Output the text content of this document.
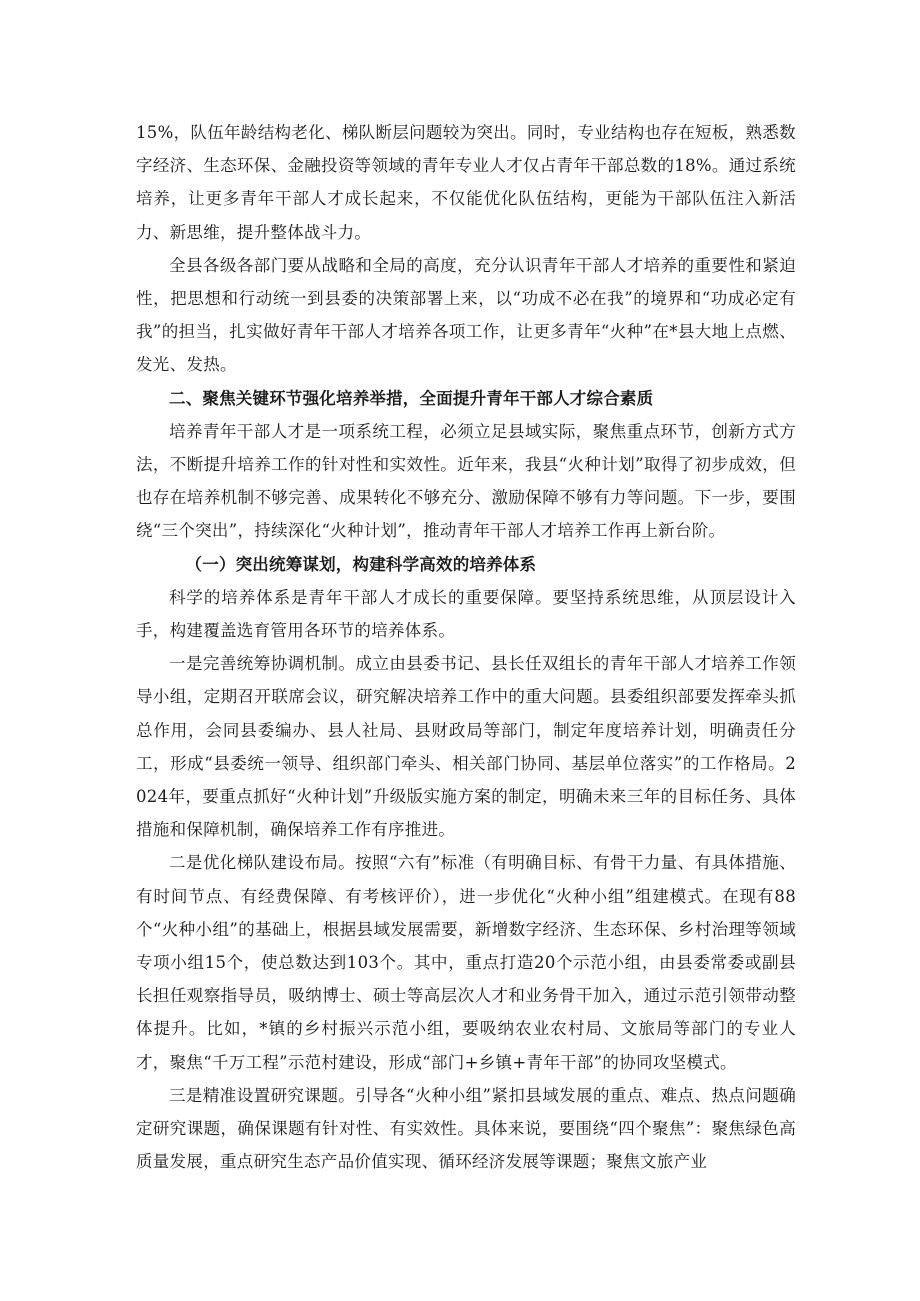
15%，队伍年龄结构老化、梯队断层问题较为突出。同时，专业结构也存在短板，熟悉数字经济、生态环保、金融投资等领域的青年专业人才仅占青年干部总数的18%。通过系统培养，让更多青年干部人才成长起来，不仅能优化队伍结构，更能为干部队伍注入新活力、新思维，提升整体战斗力。

全县各级各部门要从战略和全局的高度，充分认识青年干部人才培养的重要性和紧迫性，把思想和行动统一到县委的决策部署上来，以“功成不必在我”的境界和“功成必定有我”的担当，扎实做好青年干部人才培养各项工作，让更多青年“火种”在*县大地上点燃、发光、发热。

二、聚焦关键环节强化培养举措，全面提升青年干部人才综合素质

培养青年干部人才是一项系统工程，必须立足县域实际，聚焦重点环节，创新方式方法，不断提升培养工作的针对性和实效性。近年来，我县“火种计划”取得了初步成效，但也存在培养机制不够完善、成果转化不够充分、激励保障不够有力等问题。下一步，要围绕“三个突出”，持续深化“火种计划”，推动青年干部人才培养工作再上新台阶。

（一）突出统筹谋划，构建科学高效的培养体系

科学的培养体系是青年干部人才成长的重要保障。要坚持系统思维，从顶层设计入手，构建覆盖选育管用各环节的培养体系。

一是完善统筹协调机制。成立由县委书记、县长任双组长的青年干部人才培养工作领导小组，定期召开联席会议，研究解决培养工作中的重大问题。县委组织部要发挥牵头抓总作用，会同县委编办、县人社局、县财政局等部门，制定年度培养计划，明确责任分工，形成“县委统一领导、组织部门牵头、相关部门协同、基层单位落实”的工作格局。2024年，要重点抓好“火种计划”升级版实施方案的制定，明确未来三年的目标任务、具体措施和保障机制，确保培养工作有序推进。

二是优化梯队建设布局。按照“六有”标准（有明确目标、有骨干力量、有具体措施、有时间节点、有经费保障、有考核评价），进一步优化“火种小组”组建模式。在现有88个“火种小组”的基础上，根据县域发展需要，新增数字经济、生态环保、乡村治理等领域专项小组15个，使总数达到103个。其中，重点打造20个示范小组，由县委常委或副县长担任观察指导员，吸纳博士、硕士等高层次人才和业务骨干加入，通过示范引领带动整体提升。比如，*镇的乡村振兴示范小组，要吸纳农业农村局、文旅局等部门的专业人才，聚焦“千万工程”示范村建设，形成“部门+乡镇+青年干部”的协同攻坚模式。

三是精准设置研究课题。引导各“火种小组”紧扣县域发展的重点、难点、热点问题确定研究课题，确保课题有针对性、有实效性。具体来说，要围绕“四个聚焦”：聚焦绿色高质量发展，重点研究生态产品价值实现、循环经济发展等课题；聚焦文旅产业
